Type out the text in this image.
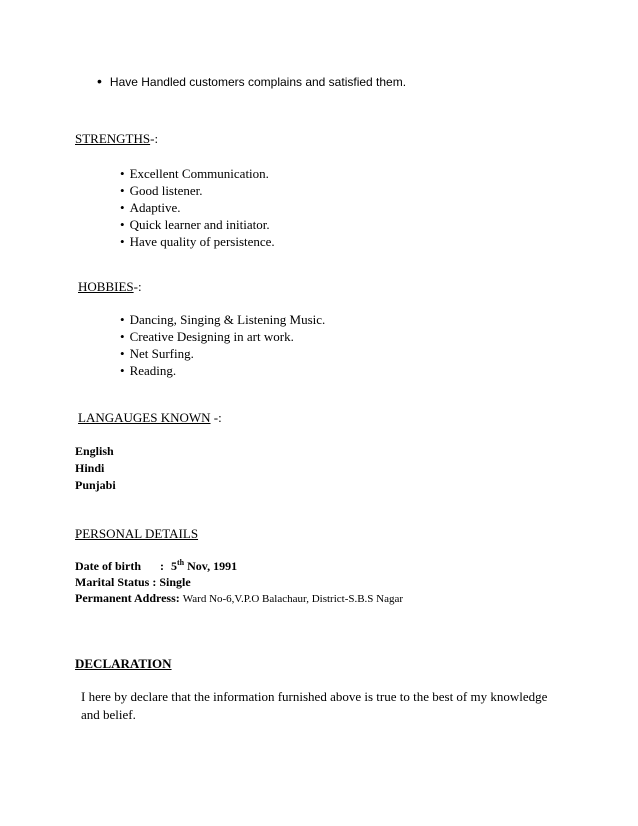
• Have Handled customers complains and satisfied them.
STRENGTHS-:
• Excellent Communication.
• Good listener.
• Adaptive.
• Quick learner and initiator.
• Have quality of persistence.
HOBBIES-:
• Dancing, Singing & Listening Music.
• Creative Designing in art work.
• Net Surfing.
• Reading.
LANGAUGES KNOWN -:
English
Hindi
Punjabi
PERSONAL DETAILS
Date of birth : 5th Nov, 1991
Marital Status : Single
Permanent Address: Ward No-6,V.P.O Balachaur, District-S.B.S Nagar
DECLARATION
I here by declare that the information furnished above is true to the best of my knowledge and belief.
